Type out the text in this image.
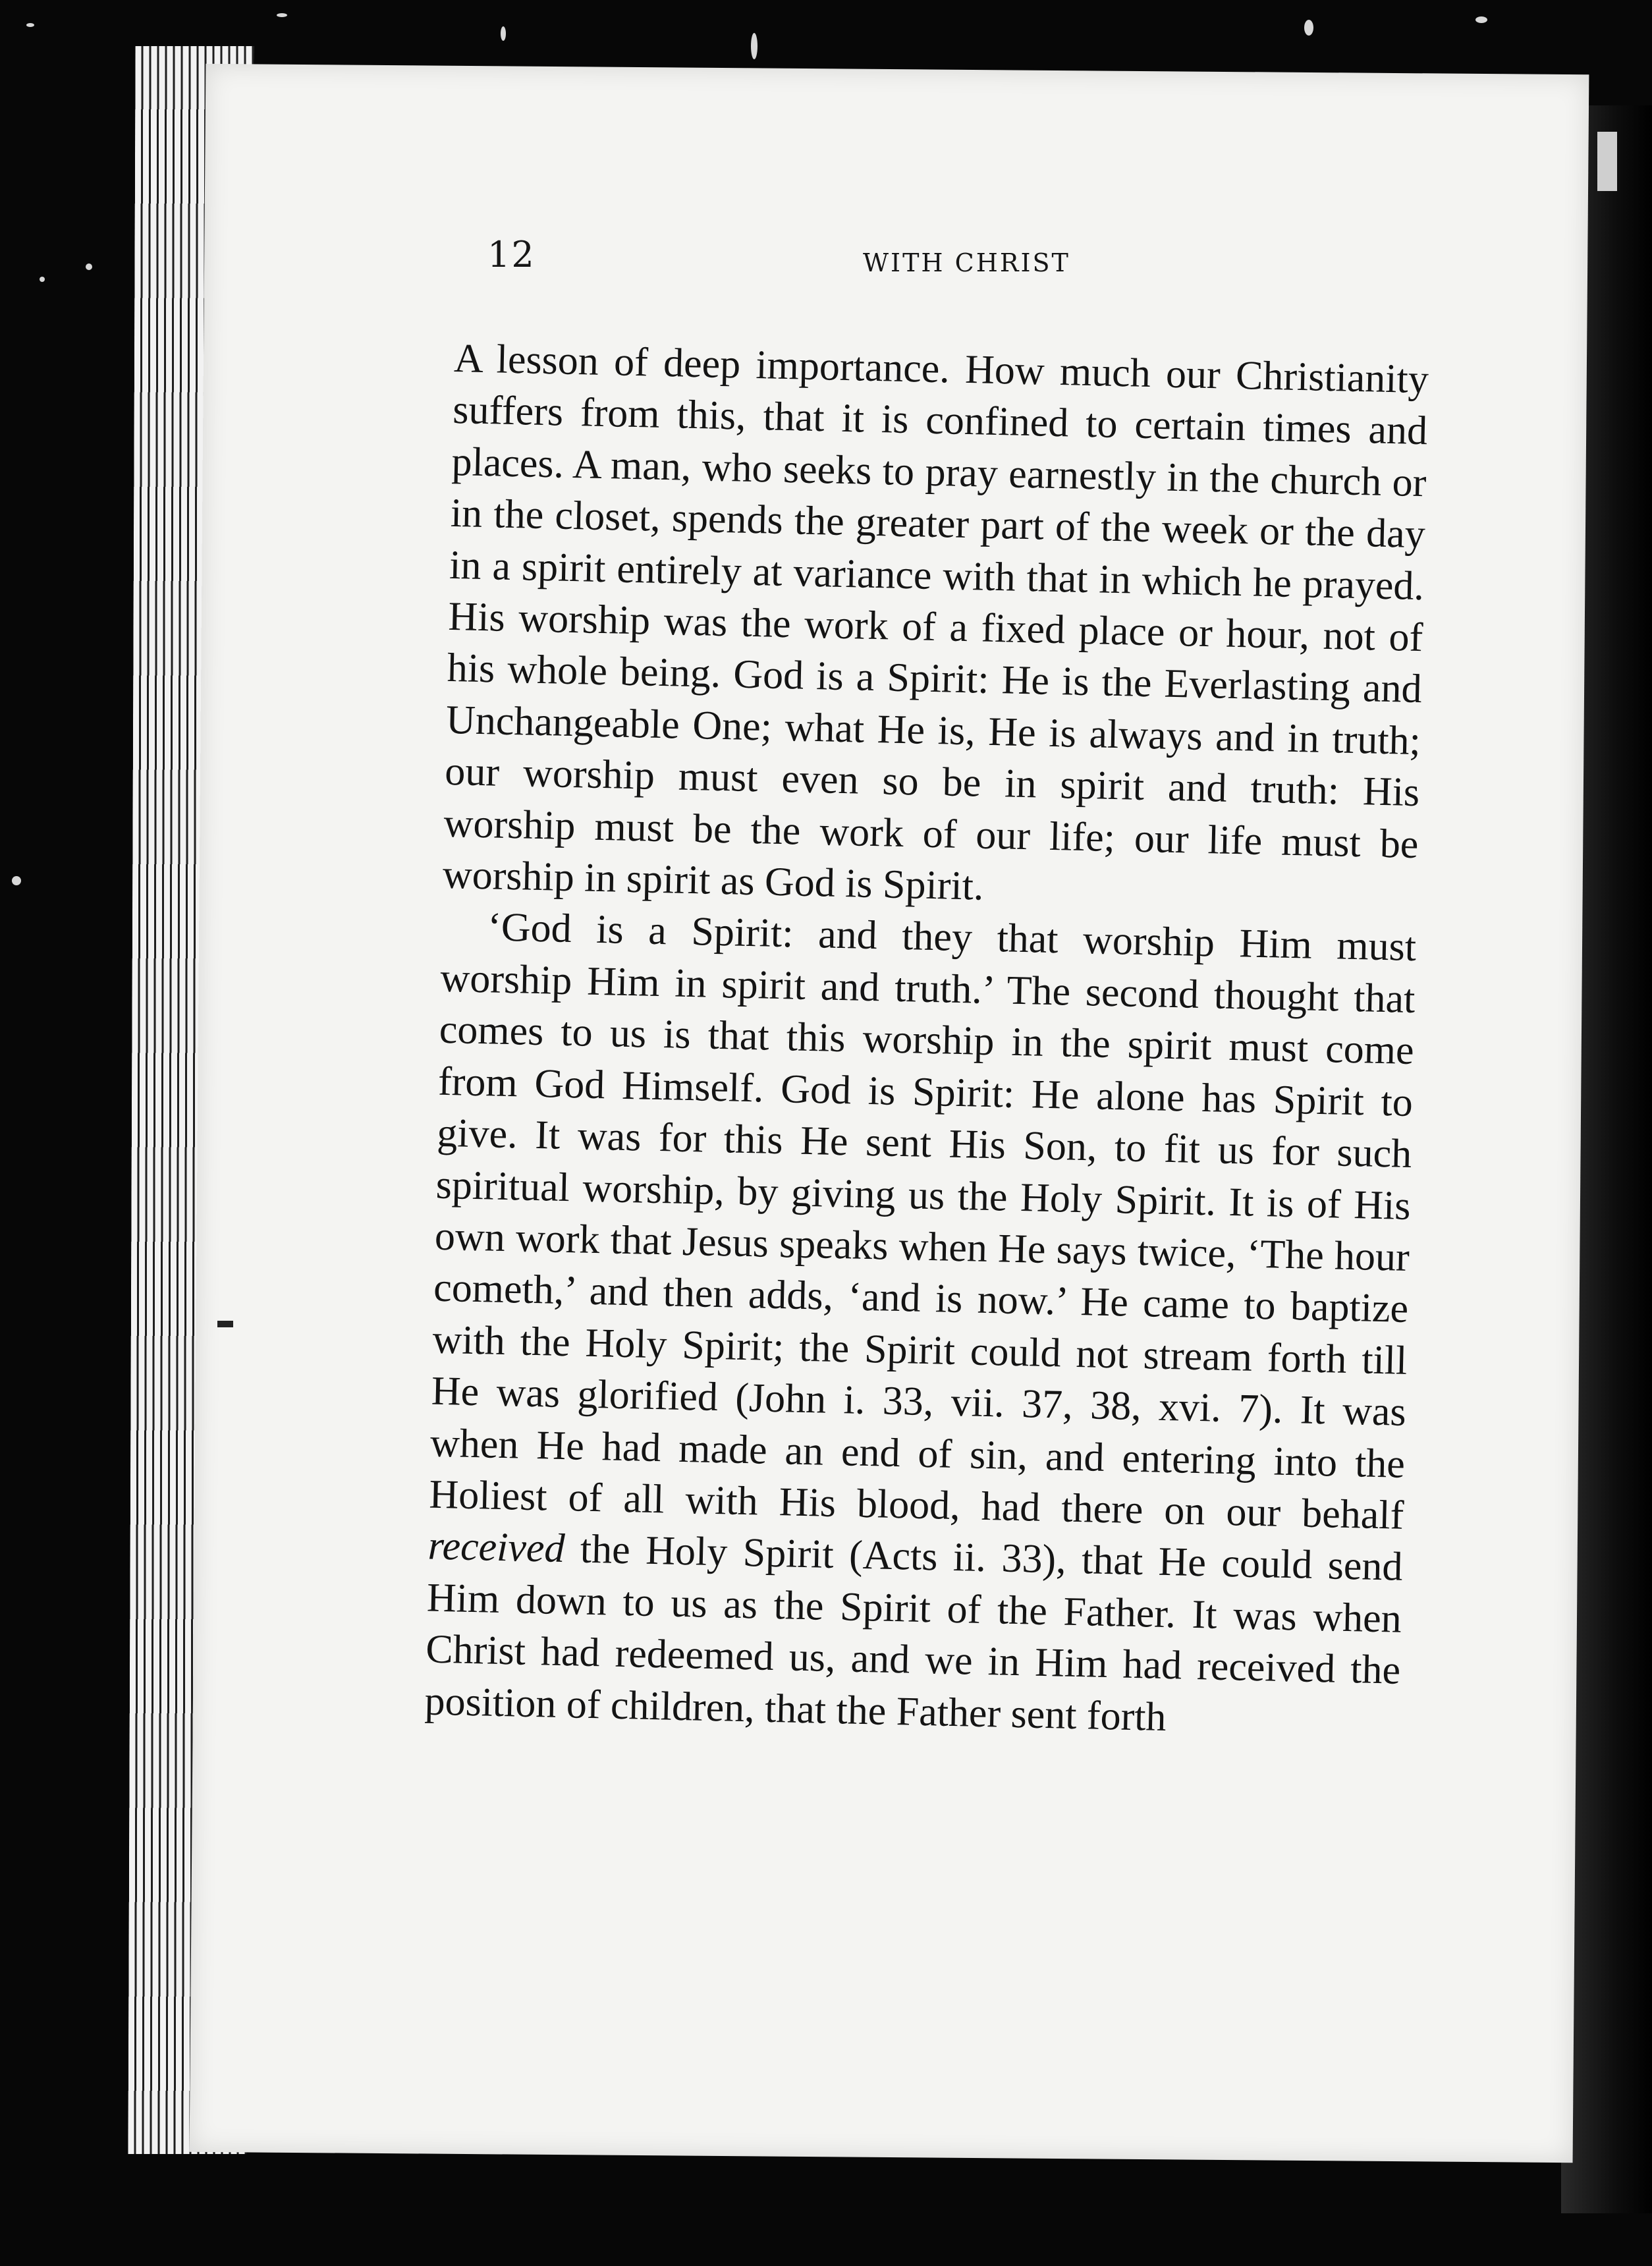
12	WITH CHRIST

A lesson of deep importance. How much our Christianity suffers from this, that it is confined to certain times and places. A man, who seeks to pray earnestly in the church or in the closet, spends the greater part of the week or the day in a spirit entirely at variance with that in which he prayed. His worship was the work of a fixed place or hour, not of his whole being. God is a Spirit: He is the Everlasting and Unchangeable One; what He is, He is always and in truth; our worship must even so be in spirit and truth: His worship must be the work of our life; our life must be worship in spirit as God is Spirit.

‘God is a Spirit: and they that worship Him must worship Him in spirit and truth.’ The second thought that comes to us is that this worship in the spirit must come from God Himself. God is Spirit: He alone has Spirit to give. It was for this He sent His Son, to fit us for such spiritual worship, by giving us the Holy Spirit. It is of His own work that Jesus speaks when He says twice, ‘The hour cometh,’ and then adds, ‘and is now.’ He came to baptize with the Holy Spirit; the Spirit could not stream forth till He was glorified (John i. 33, vii. 37, 38, xvi. 7). It was when He had made an end of sin, and entering into the Holiest of all with His blood, had there on our behalf received the Holy Spirit (Acts ii. 33), that He could send Him down to us as the Spirit of the Father. It was when Christ had redeemed us, and we in Him had received the position of children, that the Father sent forth
